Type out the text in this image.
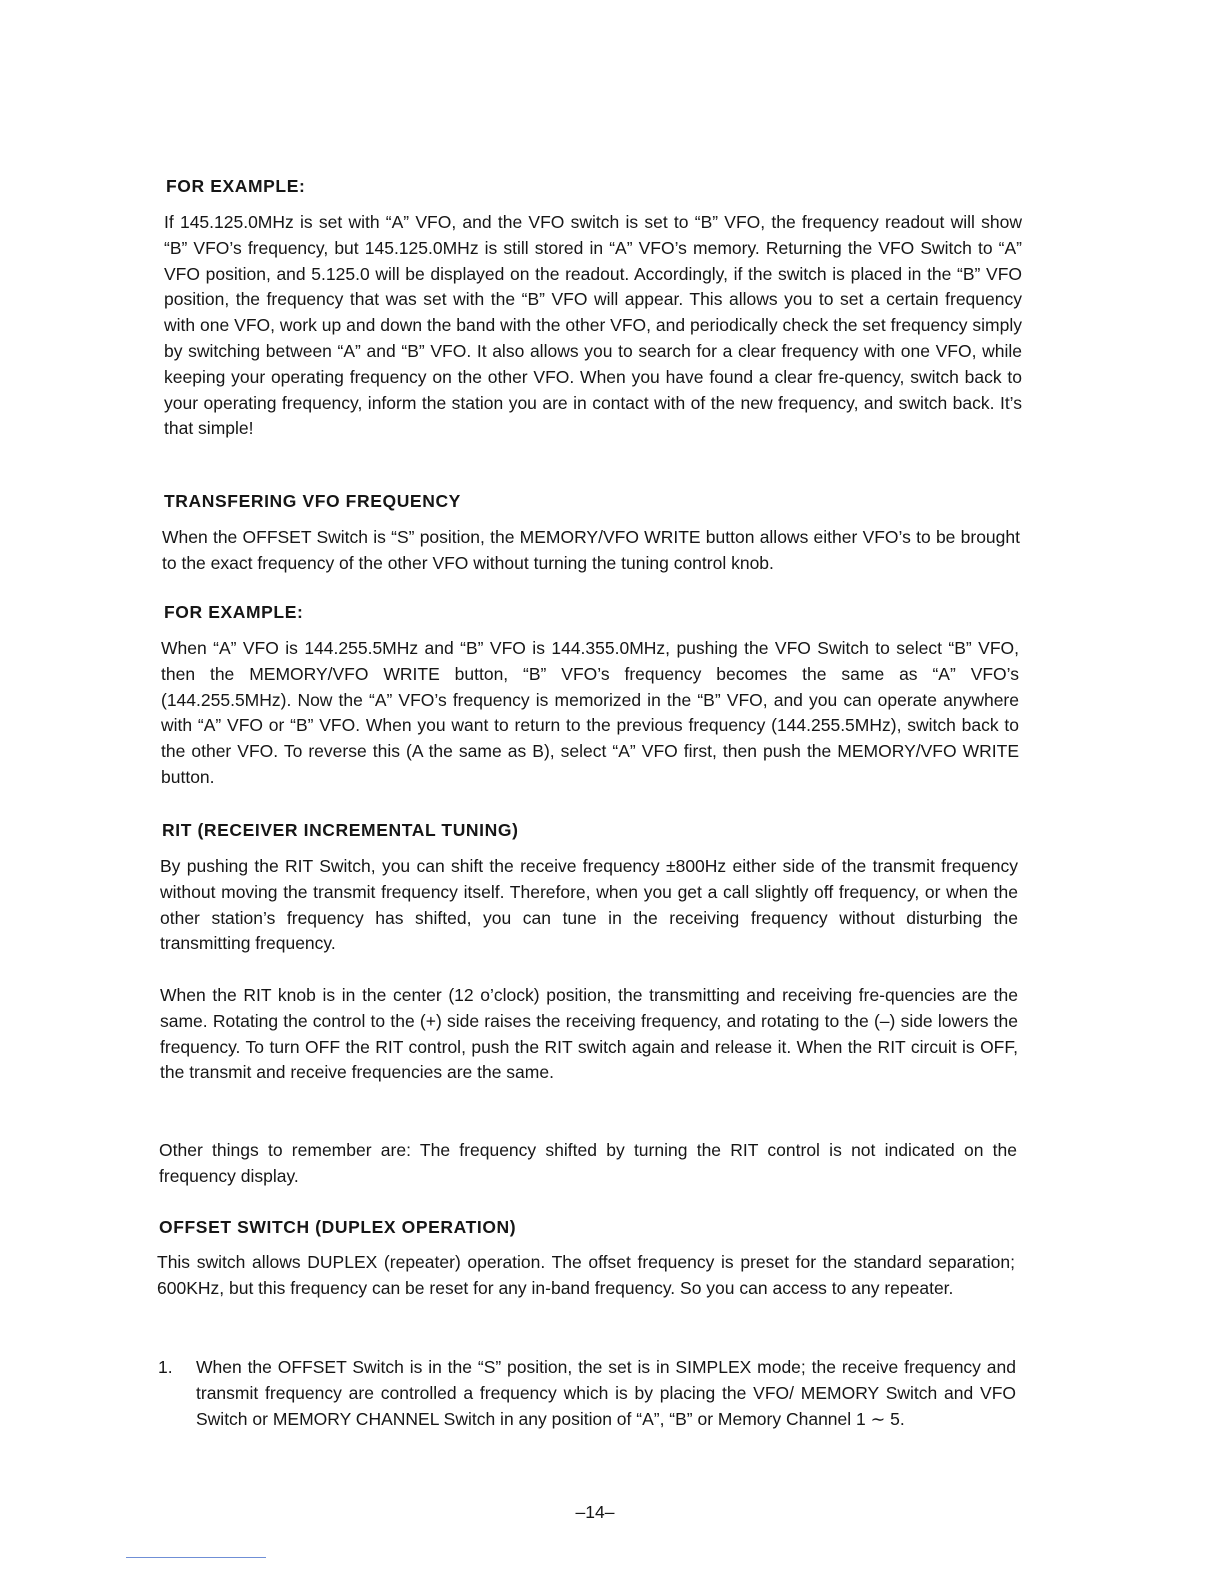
FOR EXAMPLE:

If 145.125.0MHz is set with “A” VFO, and the VFO switch is set to “B” VFO, the frequency readout will show “B” VFO’s frequency, but 145.125.0MHz is still stored in “A” VFO’s memory. Returning the VFO Switch to “A” VFO position, and 5.125.0 will be displayed on the readout. Accordingly, if the switch is placed in the “B” VFO position, the frequency that was set with the “B” VFO will appear. This allows you to set a certain frequency with one VFO, work up and down the band with the other VFO, and periodically check the set frequency simply by switching between “A” and “B” VFO. It also allows you to search for a clear frequency with one VFO, while keeping your operating frequency on the other VFO. When you have found a clear fre-quency, switch back to your operating frequency, inform the station you are in contact with of the new frequency, and switch back. It’s that simple!

TRANSFERING VFO FREQUENCY

When the OFFSET Switch is “S” position, the MEMORY/VFO WRITE button allows either VFO’s to be brought to the exact frequency of the other VFO without turning the tuning control knob.

FOR EXAMPLE:

When “A” VFO is 144.255.5MHz and “B” VFO is 144.355.0MHz, pushing the VFO Switch to select “B” VFO, then the MEMORY/VFO WRITE button, “B” VFO’s frequency becomes the same as “A” VFO’s (144.255.5MHz). Now the “A” VFO’s frequency is memorized in the “B” VFO, and you can operate anywhere with “A” VFO or “B” VFO. When you want to return to the previous frequency (144.255.5MHz), switch back to the other VFO. To reverse this (A the same as B), select “A” VFO first, then push the MEMORY/VFO WRITE button.

RIT (RECEIVER INCREMENTAL TUNING)

By pushing the RIT Switch, you can shift the receive frequency ±800Hz either side of the transmit frequency without moving the transmit frequency itself. Therefore, when you get a call slightly off frequency, or when the other station’s frequency has shifted, you can tune in the receiving frequency without disturbing the transmitting frequency.

When the RIT knob is in the center (12 o’clock) position, the transmitting and receiving fre-quencies are the same. Rotating the control to the (+) side raises the receiving frequency, and rotating to the (–) side lowers the frequency. To turn OFF the RIT control, push the RIT switch again and release it. When the RIT circuit is OFF, the transmit and receive frequencies are the same.

Other things to remember are: The frequency shifted by turning the RIT control is not indicated on the frequency display.

OFFSET SWITCH (DUPLEX OPERATION)

This switch allows DUPLEX (repeater) operation. The offset frequency is preset for the standard separation; 600KHz, but this frequency can be reset for any in-band frequency. So you can access to any repeater.

1. When the OFFSET Switch is in the “S” position, the set is in SIMPLEX mode; the receive frequency and transmit frequency are controlled a frequency which is by placing the VFO/ MEMORY Switch and VFO Switch or MEMORY CHANNEL Switch in any position of “A”, “B” or Memory Channel 1 ∼ 5.

–14–
